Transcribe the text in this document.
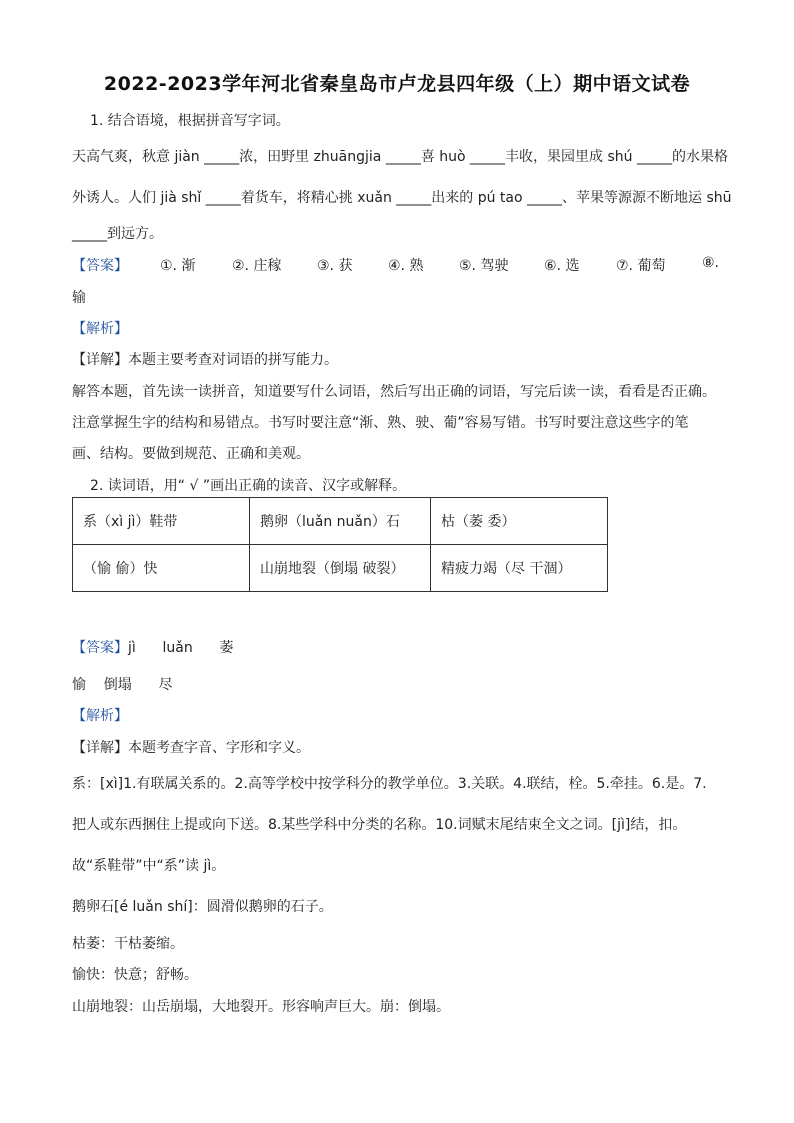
2022-2023学年河北省秦皇岛市卢龙县四年级（上）期中语文试卷
1. 结合语境，根据拼音写字词。
天高气爽，秋意 jiàn _____浓，田野里 zhuāngjia _____喜 huò _____丰收，果园里成 shú _____的水果格
外诱人。人们 jià shǐ _____着货车，将精心挑 xuǎn _____出来的 pú tao _____、苹果等源源不断地运 shū
_____到远方。
【答案】 ①. 渐	②. 庄稼	③. 获	④. 熟	⑤. 驾驶	⑥. 选	⑦. 葡萄	⑧.
输
【解析】
【详解】本题主要考查对词语的拼写能力。
解答本题，首先读一读拼音，知道要写什么词语，然后写出正确的词语，写完后读一读，看看是否正确。
注意掌握生字的结构和易错点。书写时要注意“渐、熟、驶、葡”容易写错。书写时要注意这些字的笔
画、结构。要做到规范、正确和美观。
2. 读词语，用“ √ ”画出正确的读音、汉字或解释。
系（xì jì）鞋带	鹅卵（luǎn nuǎn）石	枯（萎 委）
（愉 偷）快	山崩地裂（倒塌 破裂）	精疲力竭（尽 干涸）
【答案】jì      luǎn      萎
愉    倒塌      尽
【解析】
【详解】本题考查字音、字形和字义。
系：[xì]1.有联属关系的。2.高等学校中按学科分的教学单位。3.关联。4.联结，栓。5.牵挂。6.是。7.
把人或东西捆住上提或向下送。8.某些学科中分类的名称。10.词赋末尾结束全文之词。[jì]结，扣。
故“系鞋带”中“系”读 jì。
鹅卵石[é luǎn shí]：圆滑似鹅卵的石子。
枯萎：干枯萎缩。
愉快：快意；舒畅。
山崩地裂：山岳崩塌，大地裂开。形容响声巨大。崩：倒塌。
